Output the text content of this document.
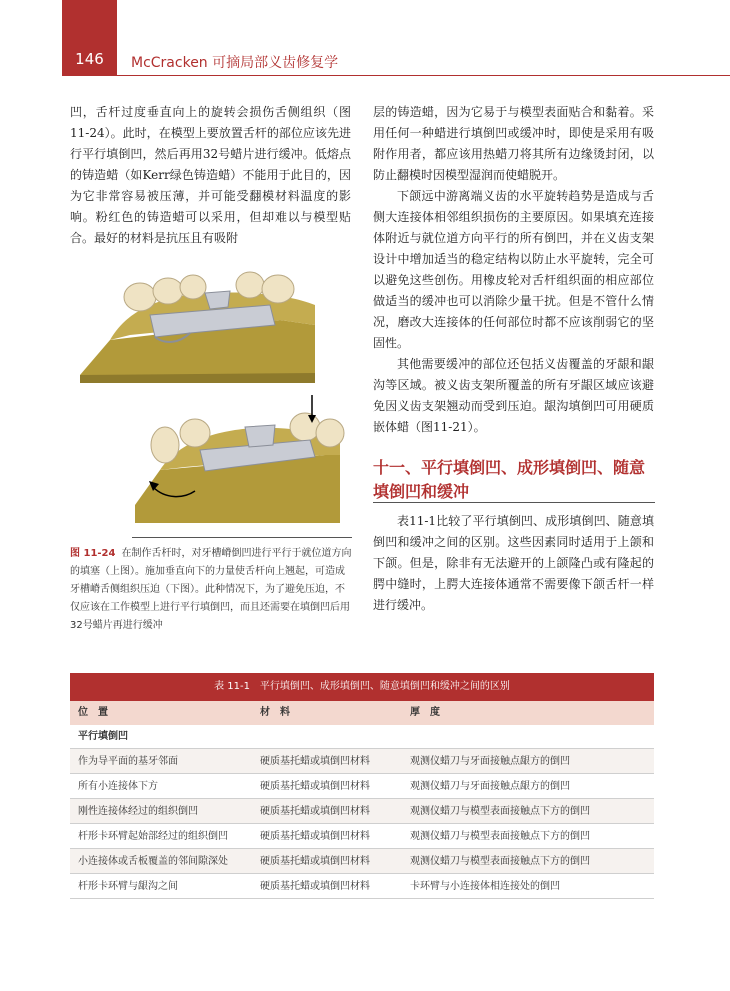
146	McCracken 可摘局部义齿修复学

凹，舌杆过度垂直向上的旋转会损伤舌侧组织（图11-24）。此时，在模型上要放置舌杆的部位应该先进行平行填倒凹，然后再用32号蜡片进行缓冲。低熔点的铸造蜡（如Kerr绿色铸造蜡）不能用于此目的，因为它非常容易被压薄，并可能受翻模材料温度的影响。粉红色的铸造蜡可以采用，但却难以与模型贴合。最好的材料是抗压且有吸附

图 11-24 在制作舌杆时，对牙槽嵴倒凹进行平行于就位道方向的填塞（上图）。施加垂直向下的力量使舌杆向上翘起，可造成牙槽嵴舌侧组织压迫（下图）。此种情况下，为了避免压迫，不仅应该在工作模型上进行平行填倒凹，而且还需要在填倒凹后用32号蜡片再进行缓冲

层的铸造蜡，因为它易于与模型表面贴合和黏着。采用任何一种蜡进行填倒凹或缓冲时，即使是采用有吸附作用者，都应该用热蜡刀将其所有边缘烫封闭，以防止翻模时因模型湿润而使蜡脱开。

下颌远中游离端义齿的水平旋转趋势是造成与舌侧大连接体相邻组织损伤的主要原因。如果填充连接体附近与就位道方向平行的所有倒凹，并在义齿支架设计中增加适当的稳定结构以防止水平旋转，完全可以避免这些创伤。用橡皮轮对舌杆组织面的相应部位做适当的缓冲也可以消除少量干扰。但是不管什么情况，磨改大连接体的任何部位时都不应该削弱它的坚固性。

其他需要缓冲的部位还包括义齿覆盖的牙龈和龈沟等区域。被义齿支架所覆盖的所有牙龈区域应该避免因义齿支架翘动而受到压迫。龈沟填倒凹可用硬质嵌体蜡（图11-21）。

十一、平行填倒凹、成形填倒凹、随意填倒凹和缓冲

表11-1比较了平行填倒凹、成形填倒凹、随意填倒凹和缓冲之间的区别。这些因素同时适用于上颌和下颌。但是，除非有无法避开的上颌隆凸或有隆起的腭中缝时，上腭大连接体通常不需要像下颌舌杆一样进行缓冲。

表 11-1　平行填倒凹、成形填倒凹、随意填倒凹和缓冲之间的区别
位　置	材　料	厚　度
平行填倒凹
作为导平面的基牙邻面	硬质基托蜡或填倒凹材料	观测仪蜡刀与牙面接触点龈方的倒凹
所有小连接体下方	硬质基托蜡或填倒凹材料	观测仪蜡刀与牙面接触点龈方的倒凹
刚性连接体经过的组织倒凹	硬质基托蜡或填倒凹材料	观测仪蜡刀与模型表面接触点下方的倒凹
杆形卡环臂起始部经过的组织倒凹	硬质基托蜡或填倒凹材料	观测仪蜡刀与模型表面接触点下方的倒凹
小连接体或舌板覆盖的邻间隙深处	硬质基托蜡或填倒凹材料	观测仪蜡刀与模型表面接触点下方的倒凹
杆形卡环臂与龈沟之间	硬质基托蜡或填倒凹材料	卡环臂与小连接体相连接处的倒凹
